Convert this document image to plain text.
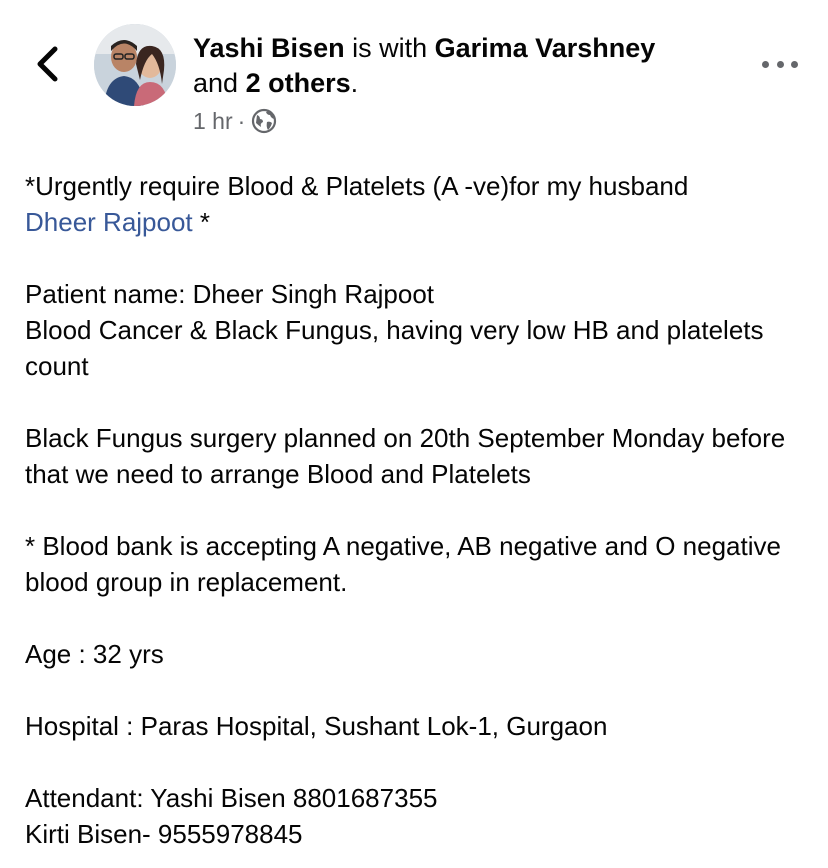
Yashi Bisen is with Garima Varshney
and 2 others.
1 hr ·

*Urgently require Blood & Platelets (A -ve)for my husband
Dheer Rajpoot *

Patient name: Dheer Singh Rajpoot
Blood Cancer & Black Fungus, having very low HB and platelets count

Black Fungus surgery planned on 20th September Monday before that we need to arrange Blood and Platelets

* Blood bank is accepting A negative, AB negative and O negative blood group in replacement.

Age : 32 yrs

Hospital : Paras Hospital, Sushant Lok-1, Gurgaon

Attendant: Yashi Bisen 8801687355
Kirti Bisen- 9555978845
